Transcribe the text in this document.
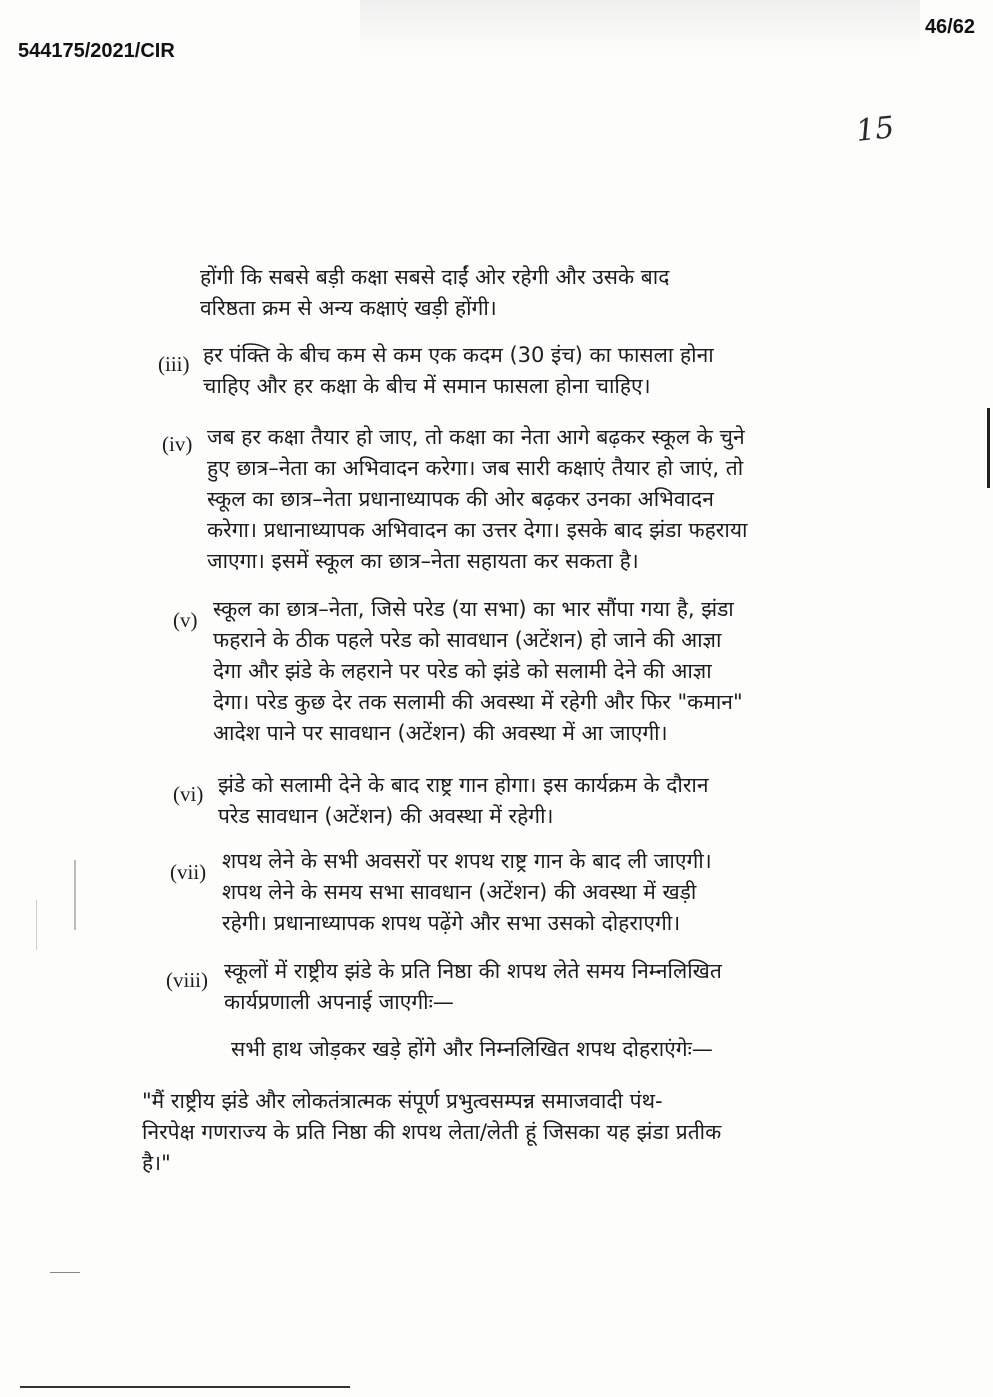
544175/2021/CIR
46/62
15
होंगी कि सबसे बड़ी कक्षा सबसे दाईं ओर रहेगी और उसके बाद
वरिष्ठता क्रम से अन्य कक्षाएं खड़ी होंगी।
(iii) हर पंक्ति के बीच कम से कम एक कदम (30 इंच) का फासला होना
चाहिए और हर कक्षा के बीच में समान फासला होना चाहिए।
(iv) जब हर कक्षा तैयार हो जाए, तो कक्षा का नेता आगे बढ़कर स्कूल के चुने
हुए छात्र–नेता का अभिवादन करेगा। जब सारी कक्षाएं तैयार हो जाएं, तो
स्कूल का छात्र–नेता प्रधानाध्यापक की ओर बढ़कर उनका अभिवादन
करेगा। प्रधानाध्यापक अभिवादन का उत्तर देगा। इसके बाद झंडा फहराया
जाएगा। इसमें स्कूल का छात्र–नेता सहायता कर सकता है।
(v) स्कूल का छात्र–नेता, जिसे परेड (या सभा) का भार सौंपा गया है, झंडा
फहराने के ठीक पहले परेड को सावधान (अटेंशन) हो जाने की आज्ञा
देगा और झंडे के लहराने पर परेड को झंडे को सलामी देने की आज्ञा
देगा। परेड कुछ देर तक सलामी की अवस्था में रहेगी और फिर "कमान"
आदेश पाने पर सावधान (अटेंशन) की अवस्था में आ जाएगी।
(vi) झंडे को सलामी देने के बाद राष्ट्र गान होगा। इस कार्यक्रम के दौरान
परेड सावधान (अटेंशन) की अवस्था में रहेगी।
(vii) शपथ लेने के सभी अवसरों पर शपथ राष्ट्र गान के बाद ली जाएगी।
शपथ लेने के समय सभा सावधान (अटेंशन) की अवस्था में खड़ी
रहेगी। प्रधानाध्यापक शपथ पढ़ेंगे और सभा उसको दोहराएगी।
(viii) स्कूलों में राष्ट्रीय झंडे के प्रति निष्ठा की शपथ लेते समय निम्नलिखित
कार्यप्रणाली अपनाई जाएगीः—
सभी हाथ जोड़कर खड़े होंगे और निम्नलिखित शपथ दोहराएंगेः—
"मैं राष्ट्रीय झंडे और लोकतंत्रात्मक संपूर्ण प्रभुत्वसम्पन्न समाजवादी पंथ-
निरपेक्ष गणराज्य के प्रति निष्ठा की शपथ लेता/लेती हूं जिसका यह झंडा प्रतीक
है।"
